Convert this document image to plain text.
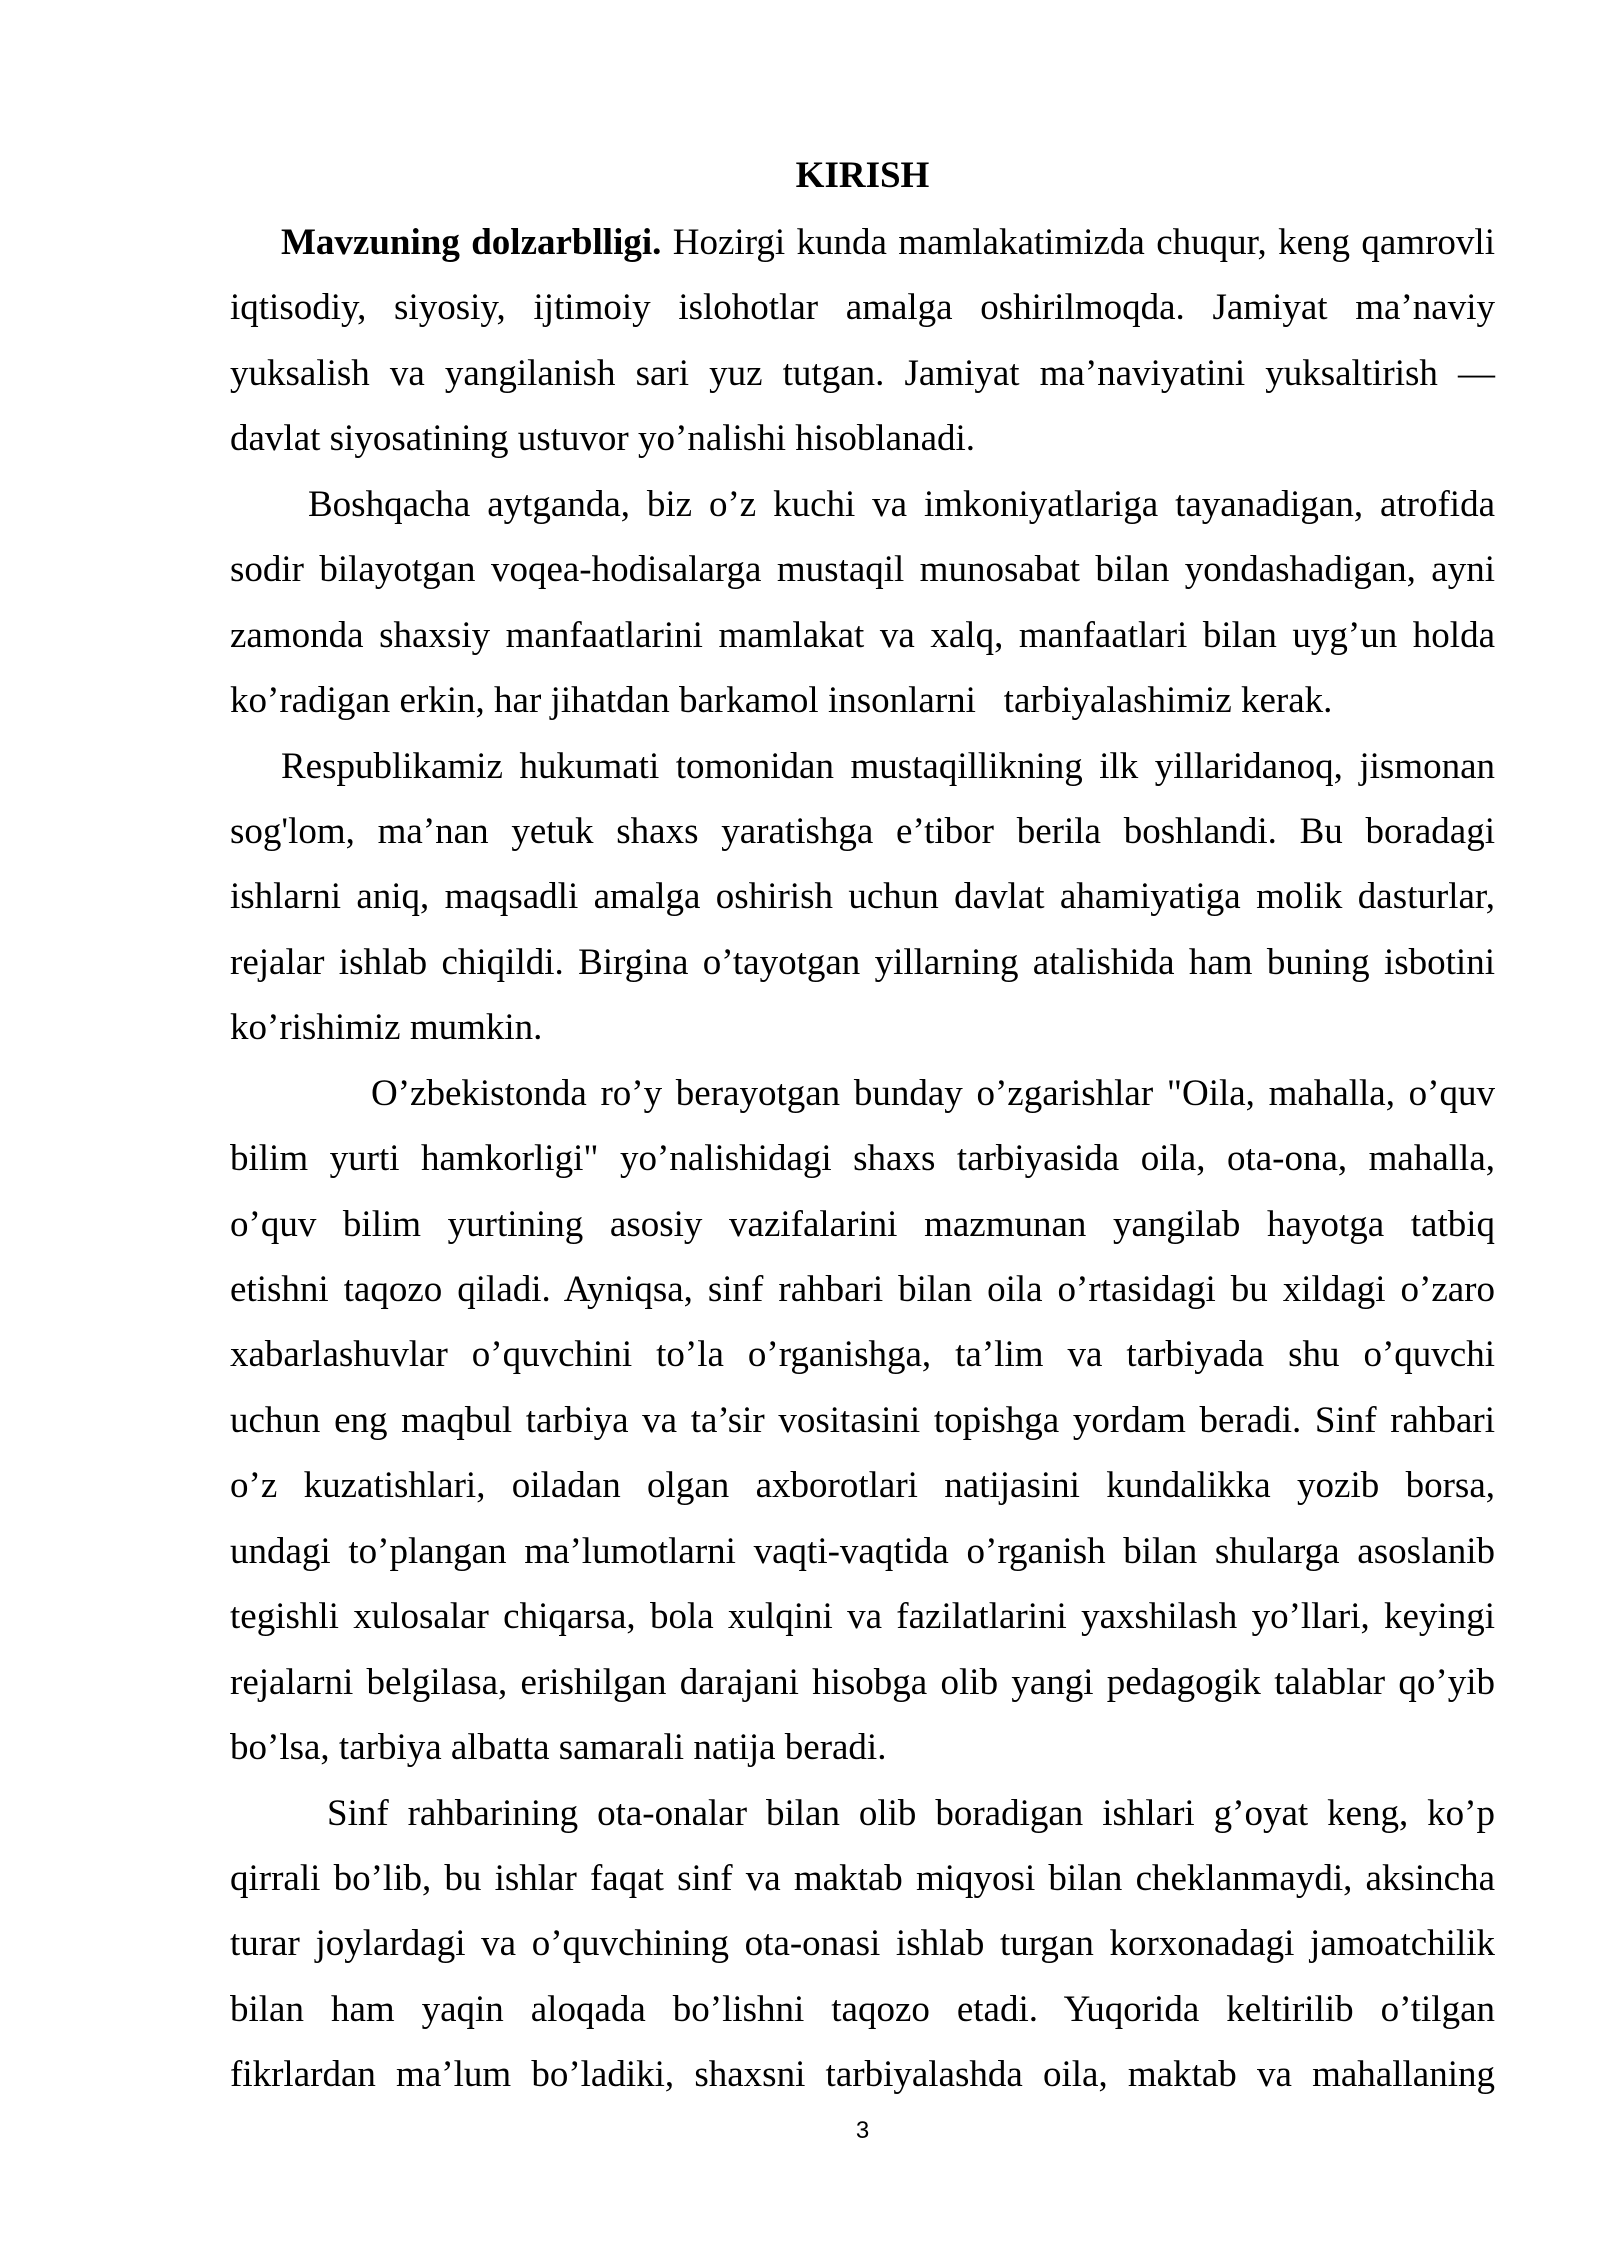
KIRISH
Mavzuning dolzarblligi. Hozirgi kunda mamlakatimizda chuqur, keng qamrovli
iqtisodiy, siyosiy, ijtimoiy islohotlar amalga oshirilmoqda. Jamiyat ma’naviy
yuksalish va yangilanish sari yuz tutgan. Jamiyat ma’naviyatini yuksaltirish —
davlat siyosatining ustuvor yo’nalishi hisoblanadi.
Boshqacha aytganda, biz o’z kuchi va imkoniyatlariga tayanadigan, atrofida
sodir bilayotgan voqea-hodisalarga mustaqil munosabat bilan yondashadigan, ayni
zamonda shaxsiy manfaatlarini mamlakat va xalq, manfaatlari bilan uyg’un holda
ko’radigan erkin, har jihatdan barkamol insonlarni   tarbiyalashimiz kerak.
Respublikamiz hukumati tomonidan mustaqillikning ilk yillaridanoq, jismonan
sog'lom, ma’nan yetuk shaxs yaratishga e’tibor berila boshlandi. Bu boradagi
ishlarni aniq, maqsadli amalga oshirish uchun davlat ahamiyatiga molik dasturlar,
rejalar ishlab chiqildi. Birgina o’tayotgan yillarning atalishida ham buning isbotini
ko’rishimiz mumkin.
O’zbekistonda ro’y berayotgan bunday o’zgarishlar "Oila, mahalla, o’quv
bilim yurti hamkorligi" yo’nalishidagi shaxs tarbiyasida oila, ota-ona, mahalla,
o’quv bilim yurtining asosiy vazifalarini mazmunan yangilab hayotga tatbiq
etishni taqozo qiladi. Ayniqsa, sinf rahbari bilan oila o’rtasidagi bu xildagi o’zaro
xabarlashuvlar o’quvchini to’la o’rganishga, ta’lim va tarbiyada shu o’quvchi
uchun eng maqbul tarbiya va ta’sir vositasini topishga yordam beradi. Sinf rahbari
o’z kuzatishlari, oiladan olgan axborotlari natijasini kundalikka yozib borsa,
undagi to’plangan ma’lumotlarni vaqti-vaqtida o’rganish bilan shularga asoslanib
tegishli xulosalar chiqarsa, bola xulqini va fazilatlarini yaxshilash yo’llari, keyingi
rejalarni belgilasa, erishilgan darajani hisobga olib yangi pedagogik talablar qo’yib
bo’lsa, tarbiya albatta samarali natija beradi.
Sinf rahbarining ota-onalar bilan olib boradigan ishlari g’oyat keng, ko’p
qirrali bo’lib, bu ishlar faqat sinf va maktab miqyosi bilan cheklanmaydi, aksincha
turar joylardagi va o’quvchining ota-onasi ishlab turgan korxonadagi jamoatchilik
bilan ham yaqin aloqada bo’lishni taqozo etadi. Yuqorida keltirilib o’tilgan
fikrlardan ma’lum bo’ladiki, shaxsni tarbiyalashda oila, maktab va mahallaning
3
